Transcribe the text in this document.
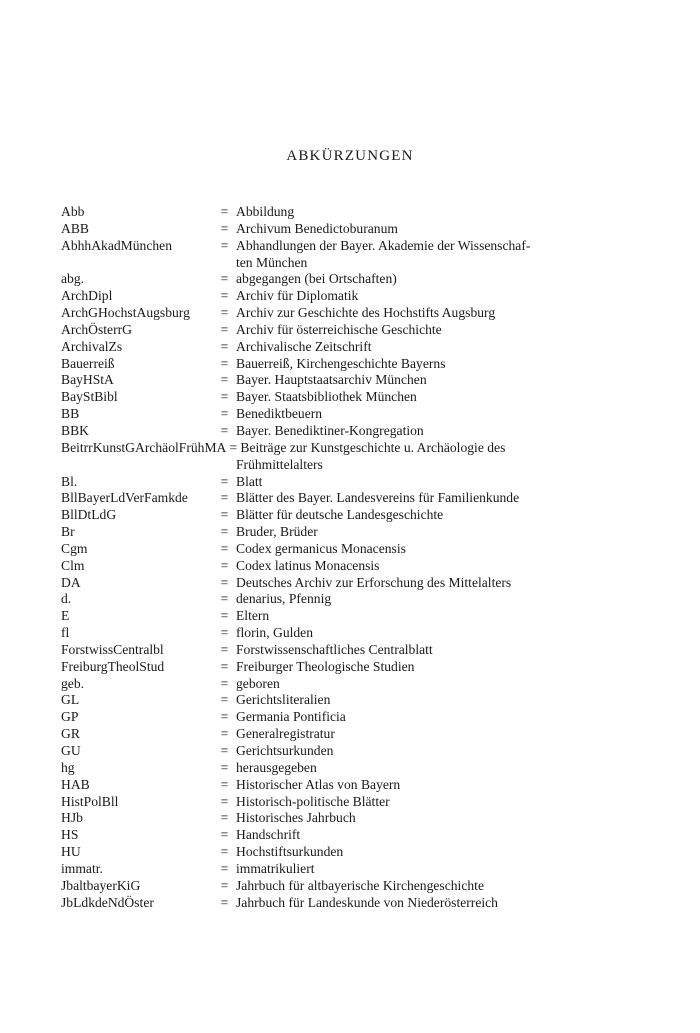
ABKÜRZUNGEN
Abb	= Abbildung
ABB	= Archivum Benedictoburanum
AbhhAkadMünchen	= Abhandlungen der Bayer. Akademie der Wissenschaf-
ten München
abg.	= abgegangen (bei Ortschaften)
ArchDipl	= Archiv für Diplomatik
ArchGHochstAugsburg	= Archiv zur Geschichte des Hochstifts Augsburg
ArchÖsterrG	= Archiv für österreichische Geschichte
ArchivalZs	= Archivalische Zeitschrift
Bauerreiß	= Bauerreiß, Kirchengeschichte Bayerns
BayHStA	= Bayer. Hauptstaatsarchiv München
BayStBibl	= Bayer. Staatsbibliothek München
BB	= Benediktbeuern
BBK	= Bayer. Benediktiner-Kongregation
BeitrrKunstGArchäolFrühMA = Beiträge zur Kunstgeschichte u. Archäologie des
Frühmittelalters
Bl.	= Blatt
BllBayerLdVerFamkde	= Blätter des Bayer. Landesvereins für Familienkunde
BllDtLdG	= Blätter für deutsche Landesgeschichte
Br	= Bruder, Brüder
Cgm	= Codex germanicus Monacensis
Clm	= Codex latinus Monacensis
DA	= Deutsches Archiv zur Erforschung des Mittelalters
d.	= denarius, Pfennig
E	= Eltern
fl	= florin, Gulden
ForstwissCentralbl	= Forstwissenschaftliches Centralblatt
FreiburgTheolStud	= Freiburger Theologische Studien
geb.	= geboren
GL	= Gerichtsliteralien
GP	= Germania Pontificia
GR	= Generalregistratur
GU	= Gerichtsurkunden
hg	= herausgegeben
HAB	= Historischer Atlas von Bayern
HistPolBll	= Historisch-politische Blätter
HJb	= Historisches Jahrbuch
HS	= Handschrift
HU	= Hochstiftsurkunden
immatr.	= immatrikuliert
JbaltbayerKiG	= Jahrbuch für altbayerische Kirchengeschichte
JbLdkdeNdÖster	= Jahrbuch für Landeskunde von Niederösterreich
